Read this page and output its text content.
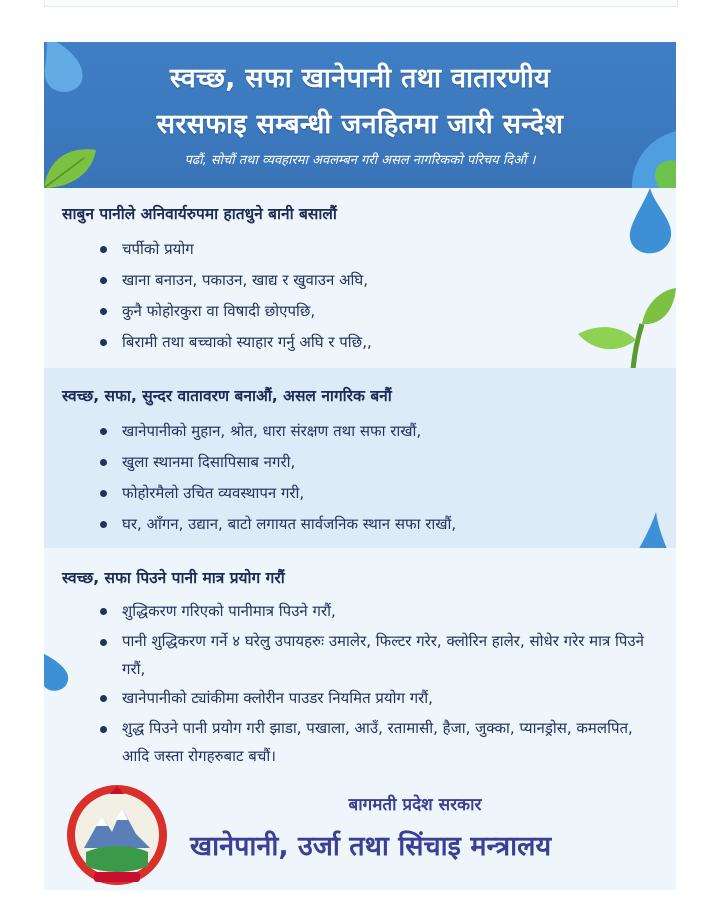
स्वच्छ, सफा खानेपानी तथा वातारणीय
सरसफाइ सम्बन्धी जनहितमा जारी सन्देश
पढौं, सोचौं तथा व्यवहारमा अवलम्बन गरी असल नागरिकको परिचय दिऔं ।
साबुन पानीले अनिवार्यरुपमा हातधुने बानी बसालौं
चर्पीको प्रयोग
खाना बनाउन, पकाउन, खाद्य र खुवाउन अघि,
कुनै फोहोरकुरा वा विषादी छोएपछि,
बिरामी तथा बच्चाको स्याहार गर्नु अघि र पछि,,
स्वच्छ, सफा, सुन्दर वातावरण बनाऔं, असल नागरिक बनौं
खानेपानीको मुहान, श्रोत, धारा संरक्षण तथा सफा राखौं,
खुला स्थानमा दिसापिसाब नगरी,
फोहोरमैलो उचित व्यवस्थापन गरी,
घर, आँगन, उद्यान, बाटो लगायत सार्वजनिक स्थान सफा राखौं,
स्वच्छ, सफा पिउने पानी मात्र प्रयोग गरौं
शुद्धिकरण गरिएको पानीमात्र पिउने गरौं,
पानी शुद्धिकरण गर्ने ४ घरेलु उपायहरुः उमालेर, फिल्टर गरेर, क्लोरिन हालेर, सोधेर गरेर मात्र पिउने गरौं,
खानेपानीको ट्यांकीमा क्लोरीन पाउडर नियमित प्रयोग गरौं,
शुद्ध पिउने पानी प्रयोग गरी झाडा, पखाला, आउँ, रतामासी, हैजा, जुक्का, प्यानड्रोस, कमलपित, आदि जस्ता रोगहरुबाट बचौं।
बागमती प्रदेश सरकार
खानेपानी, उर्जा तथा सिंचाइ मन्त्रालय
